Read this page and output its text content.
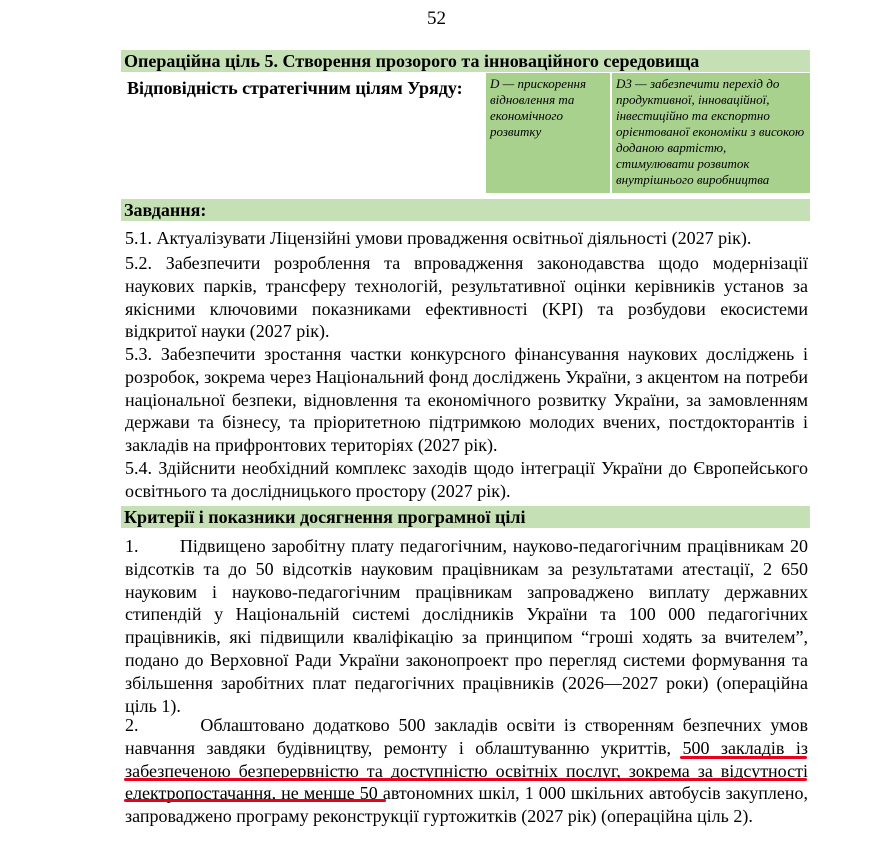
52
Операційна ціль 5. Створення прозорого та інноваційного середовища
Відповідність стратегічним цілям Уряду:	D — прискорення відновлення та економічного розвитку
D3 — забезпечити перехід до продуктивної, інноваційної, інвестиційно та експортно орієнтованої економіки з високою доданою вартістю, стимулювати розвиток внутрішнього виробництва
Завдання:

5.1. Актуалізувати Ліцензійні умови провадження освітньої діяльності (2027 рік).

5.2. Забезпечити розроблення та впровадження законодавства щодо модернізації наукових парків, трансферу технологій, результативної оцінки керівників установ за якісними ключовими показниками ефективності (KPI) та розбудови екосистеми відкритої науки (2027 рік).

5.3. Забезпечити зростання частки конкурсного фінансування наукових досліджень і розробок, зокрема через Національний фонд досліджень України, з акцентом на потреби національної безпеки, відновлення та економічного розвитку України, за замовленням держави та бізнесу, та пріоритетною підтримкою молодих вчених, постдокторантів і закладів на прифронтових територіях (2027 рік).

5.4. Здійснити необхідний комплекс заходів щодо інтеграції України до Європейського освітнього та дослідницького простору (2027 рік).

Критерії і показники досягнення програмної цілі

1. Підвищено заробітну плату педагогічним, науково-педагогічним працівникам 20 відсотків та до 50 відсотків науковим працівникам за результатами атестації, 2 650 науковим і науково-педагогічним працівникам запроваджено виплату державних стипендій у Національній системі дослідників України та 100 000 педагогічних працівників, які підвищили кваліфікацію за принципом “гроші ходять за вчителем”, подано до Верховної Ради України законопроект про перегляд системи формування та збільшення заробітних плат педагогічних працівників (2026—2027 роки) (операційна ціль 1).

2.	Облаштовано додатково 500 закладів освіти із створенням безпечних умов навчання завдяки будівництву, ремонту і облаштуванню укриттів, 500 закладів із забезпеченою безперервністю та доступністю освітніх послуг, зокрема за відсутності електропостачання, не менше 50 автономних шкіл, 1 000 шкільних автобусів закуплено, запроваджено програму реконструкції гуртожитків (2027 рік) (операційна ціль 2).
